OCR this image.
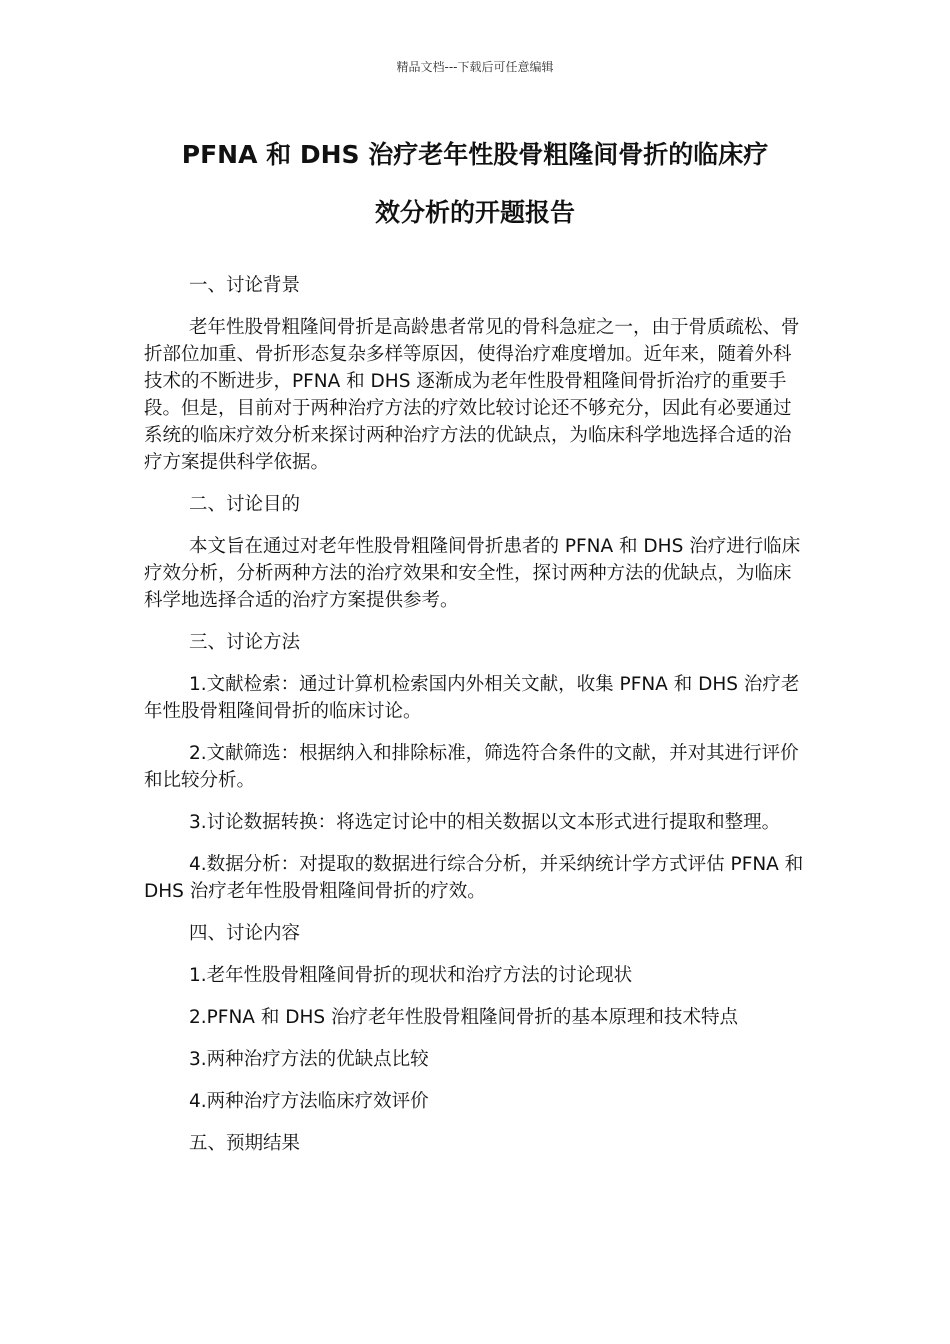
精品文档---下载后可任意编辑
PFNA 和 DHS 治疗老年性股骨粗隆间骨折的临床疗
效分析的开题报告

一、讨论背景

老年性股骨粗隆间骨折是高龄患者常见的骨科急症之一，由于骨质疏松、骨折部位加重、骨折形态复杂多样等原因，使得治疗难度增加。近年来，随着外科技术的不断进步，PFNA 和 DHS 逐渐成为老年性股骨粗隆间骨折治疗的重要手段。但是，目前对于两种治疗方法的疗效比较讨论还不够充分，因此有必要通过系统的临床疗效分析来探讨两种治疗方法的优缺点，为临床科学地选择合适的治疗方案提供科学依据。

二、讨论目的

本文旨在通过对老年性股骨粗隆间骨折患者的 PFNA 和 DHS 治疗进行临床疗效分析，分析两种方法的治疗效果和安全性，探讨两种方法的优缺点，为临床科学地选择合适的治疗方案提供参考。

三、讨论方法

1.文献检索：通过计算机检索国内外相关文献，收集 PFNA 和 DHS 治疗老年性股骨粗隆间骨折的临床讨论。

2.文献筛选：根据纳入和排除标准，筛选符合条件的文献，并对其进行评价和比较分析。

3.讨论数据转换：将选定讨论中的相关数据以文本形式进行提取和整理。

4.数据分析：对提取的数据进行综合分析，并采纳统计学方式评估 PFNA 和 DHS 治疗老年性股骨粗隆间骨折的疗效。

四、讨论内容

1.老年性股骨粗隆间骨折的现状和治疗方法的讨论现状

2.PFNA 和 DHS 治疗老年性股骨粗隆间骨折的基本原理和技术特点

3.两种治疗方法的优缺点比较

4.两种治疗方法临床疗效评价

五、预期结果
